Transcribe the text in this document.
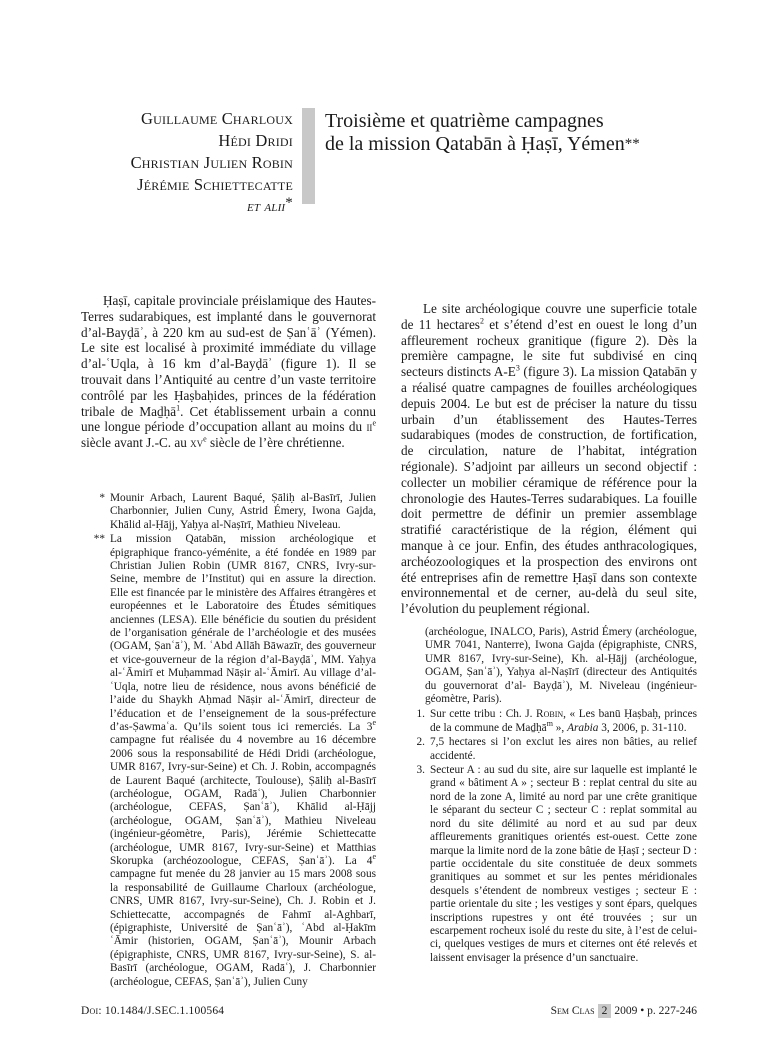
Guillaume Charloux
Hédi Dridi
Christian Julien Robin
Jérémie Schiettecatte
et alii*
Troisième et quatrième campagnes
de la mission Qatabān à Ḥaṣī, Yémen**

Ḥaṣī, capitale provinciale préislamique des Hautes-Terres sudarabiques, est implanté dans le gouvernorat d’al-Bayḍāʾ, à 220 km au sud-est de Ṣanʿāʾ (Yémen). Le site est localisé à proximité immédiate du village d’al-ʿUqla, à 16 km d’al-Bayḍāʾ (figure 1). Il se trouvait dans l’Antiquité au centre d’un vaste territoire contrôlé par les Ḥaṣbaḥides, princes de la fédération tribale de Maḏḥā$^1$. Cet établissement urbain a connu une longue période d’occupation allant au moins du $ii^e$ siècle avant J.-C. au $xv^e$ siècle de l’ère chrétienne.

Le site archéologique couvre une superficie totale de 11 hectares$^2$ et s’étend d’est en ouest le long d’un affleurement rocheux granitique (figure 2). Dès la première campagne, le site fut subdivisé en cinq secteurs distincts $A-E^3$ (figure 3). La mission Qatabān y a réalisé quatre campagnes de fouilles archéologiques depuis 2004. Le but est de préciser la nature du tissu urbain d’un établissement des Hautes-Terres sudarabiques (modes de construction, de fortification, de circulation, nature de l’habitat, intégration régionale). S’adjoint par ailleurs un second objectif : collecter un mobilier céramique de référence pour la chronologie des Hautes-Terres sudarabiques. La fouille doit permettre de définir un premier assemblage stratifié caractéristique de la région, élément qui manque à ce jour. Enfin, des études anthracologiques, archéozoologiques et la prospection des environs ont été entreprises afin de remettre Ḥaṣī dans son contexte environnemental et de cerner, au-delà du seul site, l’évolution du peuplement régional.

* Mounir Arbach, Laurent Baqué, Ṣāliḥ al-Basīrī, Julien Charbonnier, Julien Cuny, Astrid Émery, Iwona Gajda, Khālid al-Ḥājj, Yaḥya al-Naṣīrī, Mathieu Niveleau.
** La mission Qatabān, mission archéologique et épigraphique franco-yéménite, a été fondée en 1989 par Christian Julien Robin (UMR 8167, CNRS, Ivry-sur-Seine, membre de l’Institut) qui en assure la direction. Elle est financée par le ministère des Affaires étrangères et européennes et le Laboratoire des Études sémitiques anciennes (LESA). Elle bénéficie du soutien du président de l’organisation générale de l’archéologie et des musées (OGAM, Ṣanʿāʾ), M. ʿAbd Allāh Bāwazīr, des gouverneur et vice-gouverneur de la région d’al-Bayḍāʾ, MM. Yaḥya al-ʿĀmirī et Muḥammad Nāṣir al-ʿĀmirī. Au village d’al-ʿUqla, notre lieu de résidence, nous avons bénéficié de l’aide du Shaykh Aḥmad Nāṣir al-ʿĀmirī, directeur de l’éducation et de l’enseignement de la sous-préfecture d’as-Ṣawmaʿa. Qu’ils soient tous ici remerciés. La 3e campagne fut réalisée du 4 novembre au 16 décembre 2006 sous la responsabilité de Hédi Dridi (archéologue, UMR 8167, Ivry-sur-Seine) et Ch. J. Robin, accompagnés de Laurent Baqué (architecte, Toulouse), Ṣāliḥ al-Basīrī (archéologue, OGAM, Radāʿ), Julien Charbonnier (archéologue, CEFAS, Ṣanʿāʾ), Khālid al-Ḥājj (archéologue, OGAM, Ṣanʿāʾ), Mathieu Niveleau (ingénieur-géomètre, Paris), Jérémie Schiettecatte (archéologue, UMR 8167, Ivry-sur-Seine) et Matthias Skorupka (archéozoologue, CEFAS, Ṣanʿāʾ). La 4e campagne fut menée du 28 janvier au 15 mars 2008 sous la responsabilité de Guillaume Charloux (archéologue, CNRS, UMR 8167, Ivry-sur-Seine), Ch. J. Robin et J. Schiettecatte, accompagnés de Fahmī al-Aghbarī, (épigraphiste, Université de Ṣanʿāʾ), ʿAbd al-Ḥakīm ʿĀmir (historien, OGAM, Ṣanʿāʾ), Mounir Arbach (épigraphiste, CNRS, UMR 8167, Ivry-sur-Seine), S. al-Basīrī (archéologue, OGAM, Radāʿ), J. Charbonnier (archéologue, CEFAS, Ṣanʿāʾ), Julien Cuny
(archéologue, INALCO, Paris), Astrid Émery (archéologue, UMR 7041, Nanterre), Iwona Gajda (épigraphiste, CNRS, UMR 8167, Ivry-sur-Seine), Kh. al-Ḥājj (archéologue, OGAM, Ṣanʿāʾ), Yaḥya al-Naṣīrī (directeur des Antiquités du gouvernorat d’al- Bayḍāʾ), M. Niveleau (ingénieur-géomètre, Paris).
1. Sur cette tribu : Ch. J. Robin, « Les banū Ḥaṣbaḥ, princes de la commune de Maḏḥā$^m$ », Arabia 3, 2006, p. 31-110.
2. 7,5 hectares si l’on exclut les aires non bâties, au relief accidenté.
3. Secteur A : au sud du site, aire sur laquelle est implanté le grand « bâtiment A » ; secteur B : replat central du site au nord de la zone A, limité au nord par une crête granitique le séparant du secteur C ; secteur C : replat sommital au nord du site délimité au nord et au sud par deux affleurements granitiques orientés est-ouest. Cette zone marque la limite nord de la zone bâtie de Ḥaṣī ; secteur D : partie occidentale du site constituée de deux sommets granitiques au sommet et sur les pentes méridionales desquels s’étendent de nombreux vestiges ; secteur E : partie orientale du site ; les vestiges y sont épars, quelques inscriptions rupestres y ont été trouvées ; sur un escarpement rocheux isolé du reste du site, à l’est de celui-ci, quelques vestiges de murs et citernes ont été relevés et laissent envisager la présence d’un sanctuaire.
Doi: 10.1484/J.SEC.1.100564	Sem Clas 2 2009 • p. 227-246
